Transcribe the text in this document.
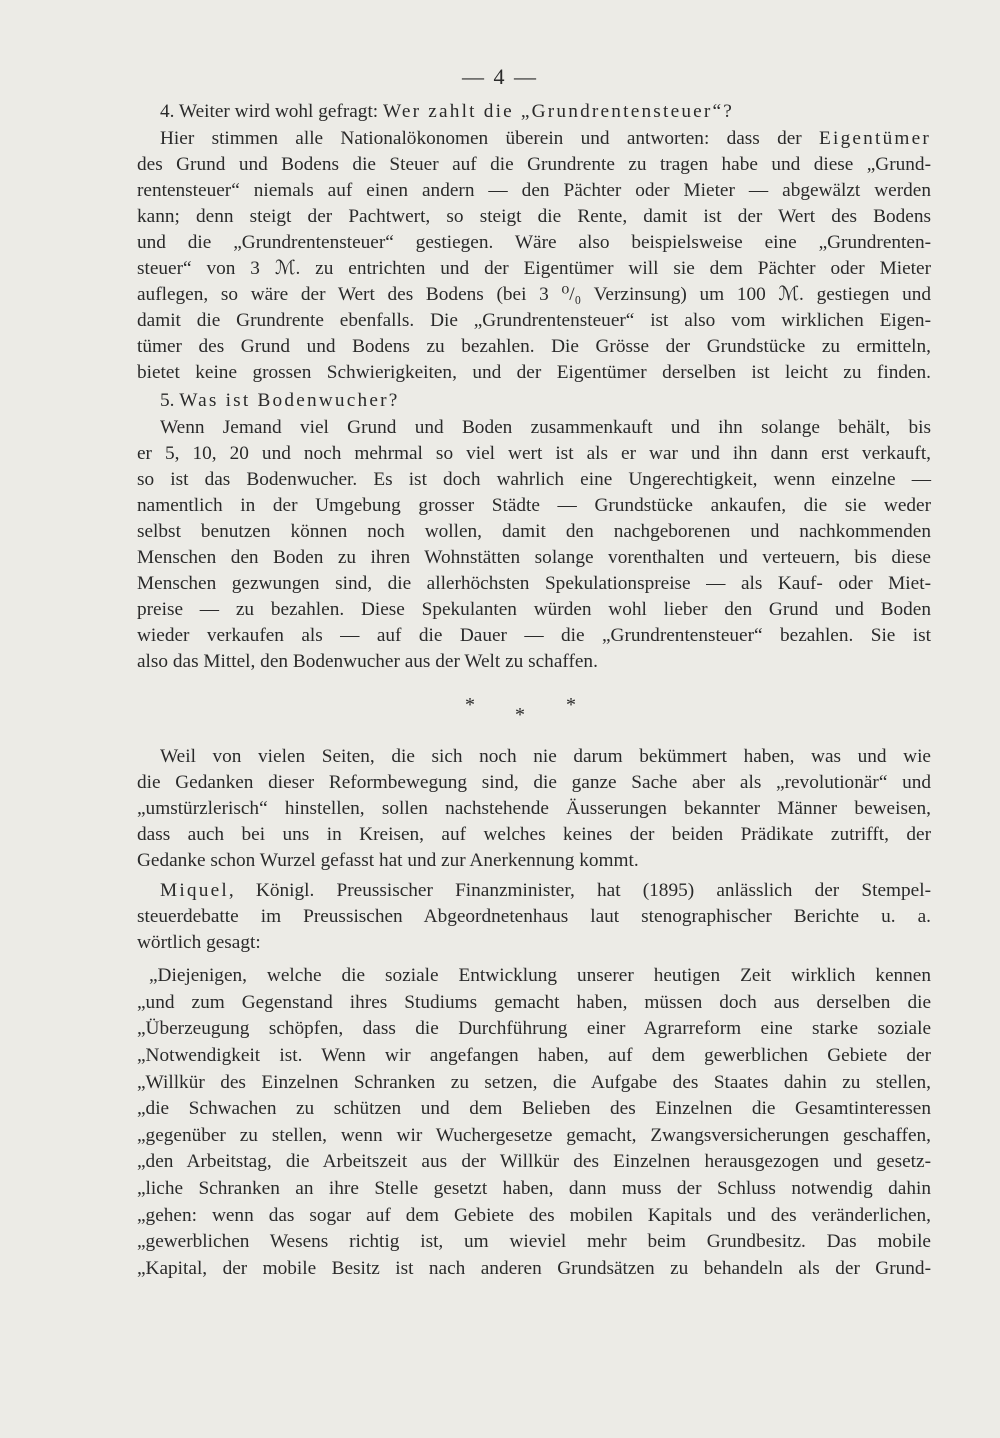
— 4 —

4. Weiter wird wohl gefragt: Wer zahlt die „Grundrentensteuer“?

Hier stimmen alle Nationalökonomen überein und antworten: dass der Eigentümer

des Grund und Bodens die Steuer auf die Grundrente zu tragen habe und diese „Grund-

rentensteuer“ niemals auf einen andern — den Pächter oder Mieter — abgewälzt werden

kann; denn steigt der Pachtwert, so steigt die Rente, damit ist der Wert des Bodens

und die „Grundrentensteuer“ gestiegen. Wäre also beispielsweise eine „Grundrenten-

steuer“ von 3 ℳ. zu entrichten und der Eigentümer will sie dem Pächter oder Mieter

auflegen, so wäre der Wert des Bodens (bei 3 ⁰/₀ Verzinsung) um 100 ℳ. gestiegen und

damit die Grundrente ebenfalls. Die „Grundrentensteuer“ ist also vom wirklichen Eigen-

tümer des Grund und Bodens zu bezahlen. Die Grösse der Grundstücke zu ermitteln,

bietet keine grossen Schwierigkeiten, und der Eigentümer derselben ist leicht zu finden.

5. Was ist Bodenwucher?

Wenn Jemand viel Grund und Boden zusammenkauft und ihn solange behält, bis

er 5, 10, 20 und noch mehrmal so viel wert ist als er war und ihn dann erst verkauft,

so ist das Bodenwucher. Es ist doch wahrlich eine Ungerechtigkeit, wenn einzelne —

namentlich in der Umgebung grosser Städte — Grundstücke ankaufen, die sie weder

selbst benutzen können noch wollen, damit den nachgeborenen und nachkommenden

Menschen den Boden zu ihren Wohnstätten solange vorenthalten und verteuern, bis diese

Menschen gezwungen sind, die allerhöchsten Spekulationspreise — als Kauf- oder Miet-

preise — zu bezahlen. Diese Spekulanten würden wohl lieber den Grund und Boden

wieder verkaufen als — auf die Dauer — die „Grundrentensteuer“ bezahlen. Sie ist

also das Mittel, den Bodenwucher aus der Welt zu schaffen.

* * *

Weil von vielen Seiten, die sich noch nie darum bekümmert haben, was und wie

die Gedanken dieser Reformbewegung sind, die ganze Sache aber als „revolutionär“ und

„umstürzlerisch“ hinstellen, sollen nachstehende Äusserungen bekannter Männer beweisen,

dass auch bei uns in Kreisen, auf welches keines der beiden Prädikate zutrifft, der

Gedanke schon Wurzel gefasst hat und zur Anerkennung kommt.

Miquel, Königl. Preussischer Finanzminister, hat (1895) anlässlich der Stempel-

steuerdebatte im Preussischen Abgeordnetenhaus laut stenographischer Berichte u. a.

wörtlich gesagt:

„Diejenigen, welche die soziale Entwicklung unserer heutigen Zeit wirklich kennen

„und zum Gegenstand ihres Studiums gemacht haben, müssen doch aus derselben die

„Überzeugung schöpfen, dass die Durchführung einer Agrarreform eine starke soziale

„Notwendigkeit ist. Wenn wir angefangen haben, auf dem gewerblichen Gebiete der

„Willkür des Einzelnen Schranken zu setzen, die Aufgabe des Staates dahin zu stellen,

„die Schwachen zu schützen und dem Belieben des Einzelnen die Gesamtinteressen

„gegenüber zu stellen, wenn wir Wuchergesetze gemacht, Zwangsversicherungen geschaffen,

„den Arbeitstag, die Arbeitszeit aus der Willkür des Einzelnen herausgezogen und gesetz-

„liche Schranken an ihre Stelle gesetzt haben, dann muss der Schluss notwendig dahin

„gehen: wenn das sogar auf dem Gebiete des mobilen Kapitals und des veränderlichen,

„gewerblichen Wesens richtig ist, um wieviel mehr beim Grundbesitz. Das mobile

„Kapital, der mobile Besitz ist nach anderen Grundsätzen zu behandeln als der Grund-
